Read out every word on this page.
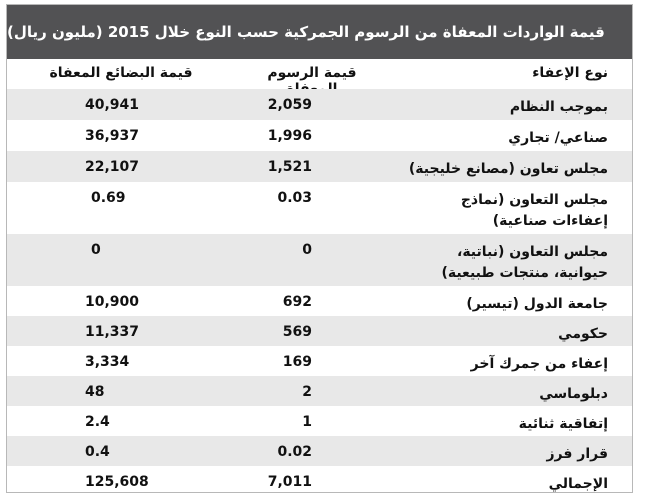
قيمة الواردات المعفاة من الرسوم الجمركية حسب النوع خلال 2015 (مليون ريال)
نوع الإعفاء
قيمة الرسوم
قيمة البضائع المعفاة
بموجب النظام
2,059
40,941
صناعي/ تجاري
1,996
36,937
مجلس تعاون (مصانع خليجية)
1,521
22,107
مجلس التعاون (نماذج إعفاءات صناعية)
0.03
0.69
مجلس التعاون (نباتية، حيوانية، منتجات طبيعية)
0
0
جامعة الدول (تيسير)
692
10,900
حكومي
569
11,337
إعفاء من جمرك آخر
169
3,334
دبلوماسي
2
48
إتفاقية ثنائية
1
2.4
قرار فرز
0.02
0.4
الإجمالي
7,011
125,608
